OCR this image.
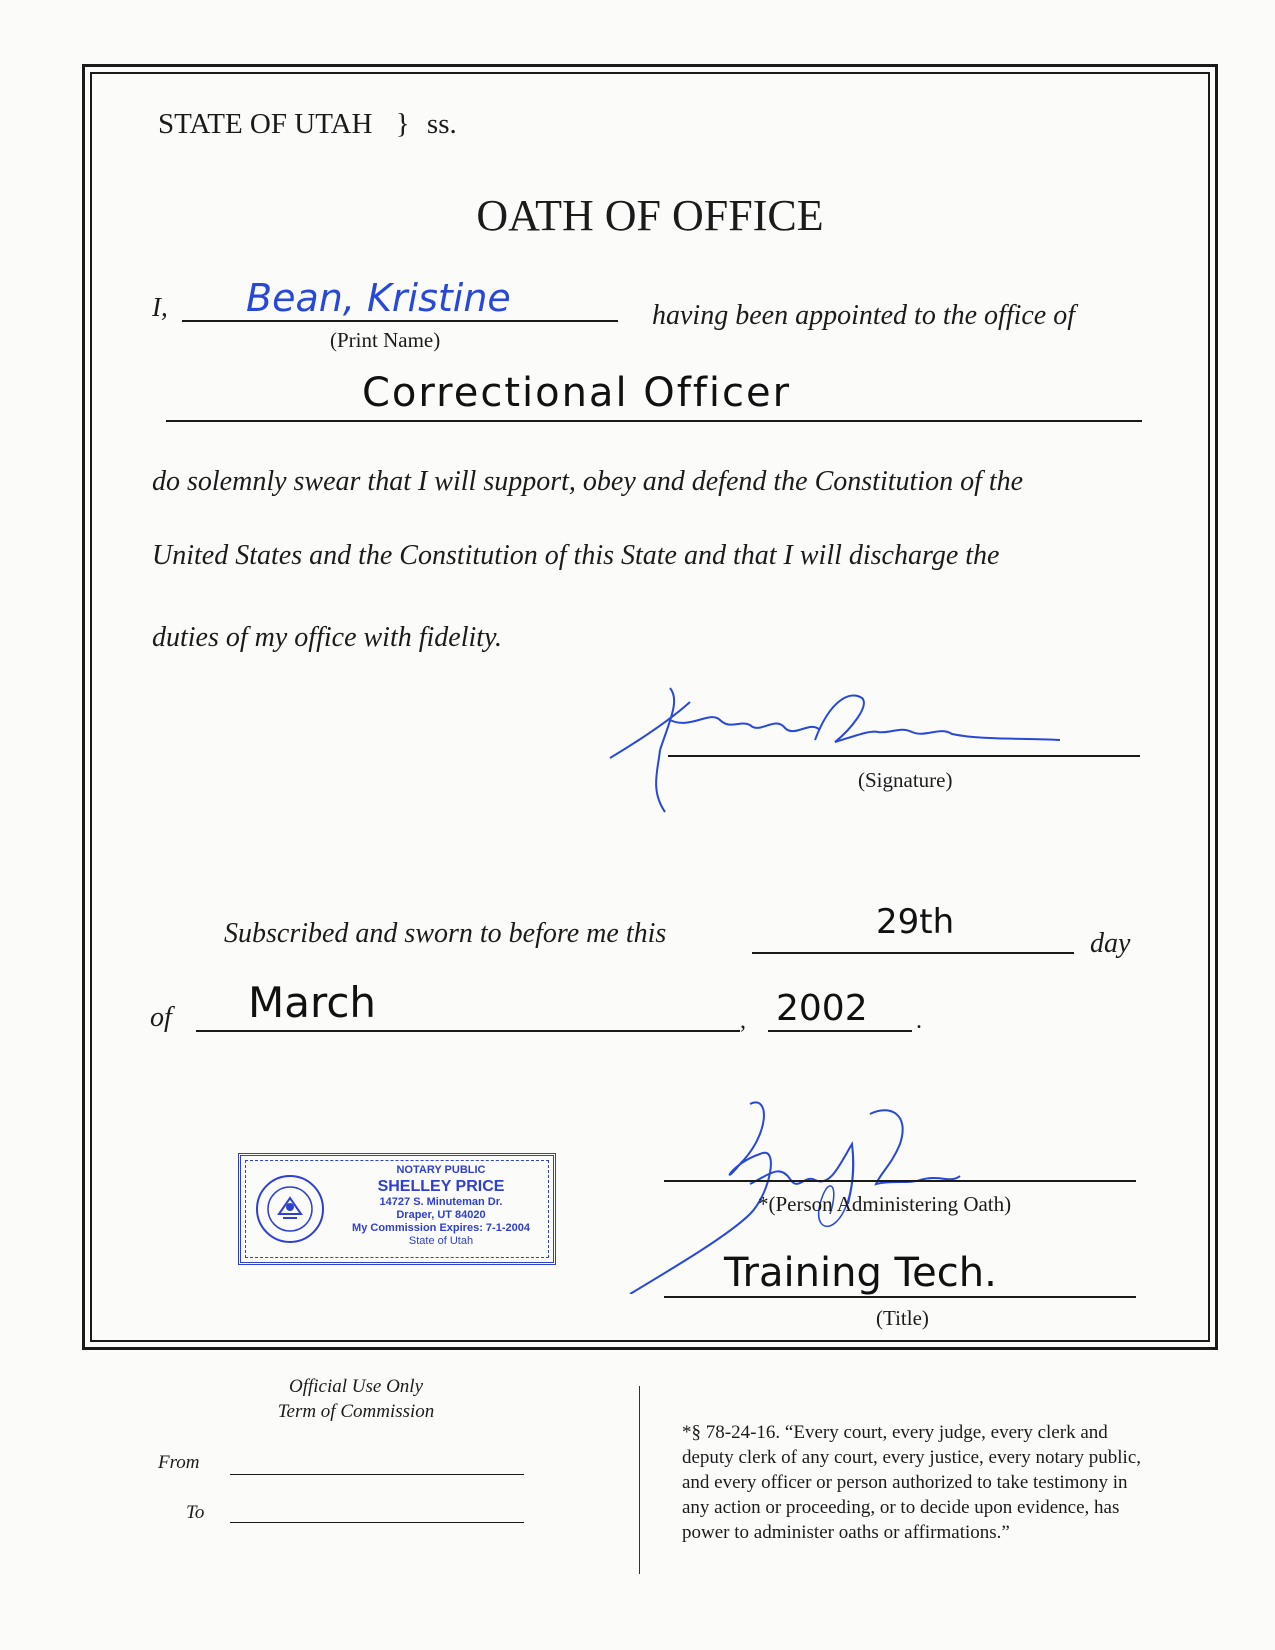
STATE OF UTAH } ss.
OATH OF OFFICE
I, Bean, Kristine
(Print Name)
having been appointed to the office of
Correctional Officer
do solemnly swear that I will support, obey and defend the Constitution of the
United States and the Constitution of this State and that I will discharge the
duties of my office with fidelity.
(Signature)
Subscribed and sworn to before me this	29th
day
of March	, 2002 .
NOTARY PUBLIC
SHELLEY PRICE
14727 S. Minuteman Dr.
Draper, UT 84020
My Commission Expires: 7-1-2004
State of Utah
*(Person Administering Oath)
Training Tech.
(Title)
Official Use Only
Term of Commission
From
To
*§ 78-24-16. “Every court, every judge, every clerk and
deputy clerk of any court, every justice, every notary public,
and every officer or person authorized to take testimony in
any action or proceeding, or to decide upon evidence, has
power to administer oaths or affirmations.”
